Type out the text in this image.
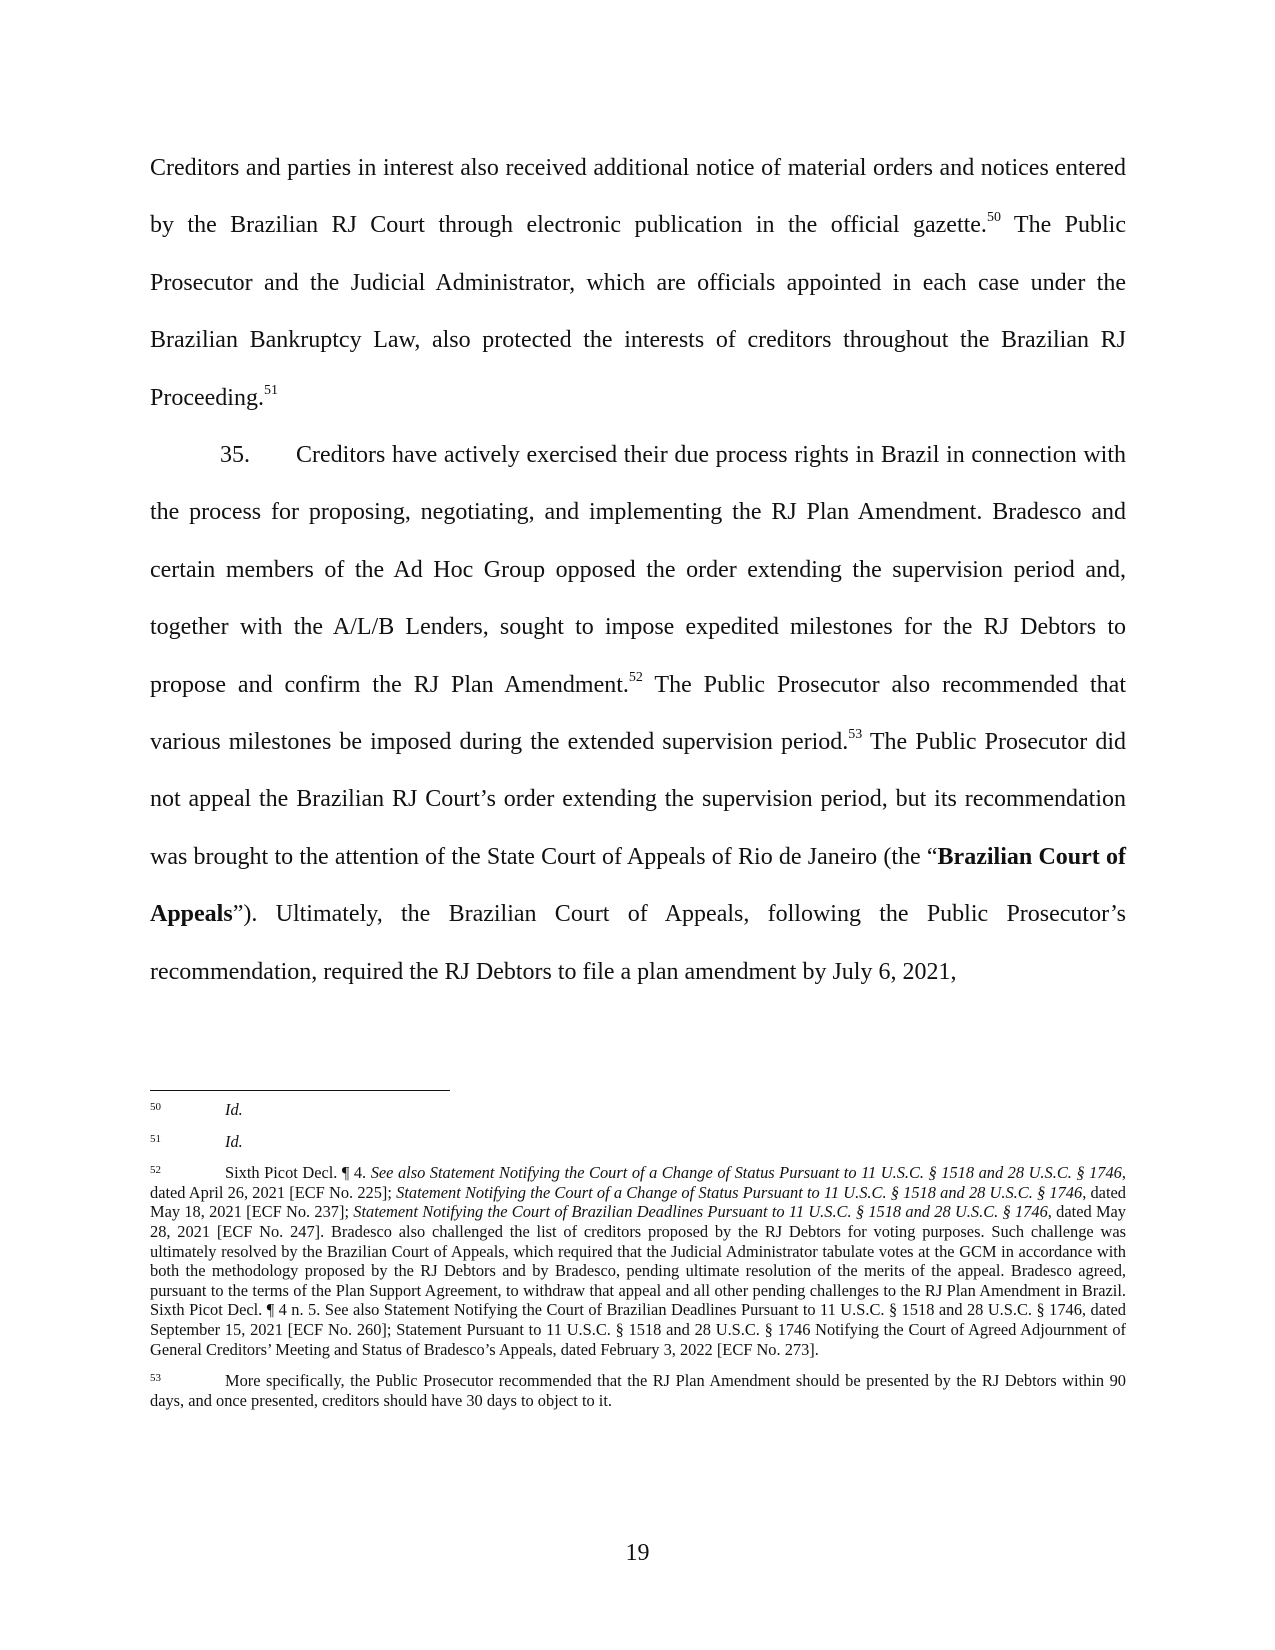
Creditors and parties in interest also received additional notice of material orders and notices entered by the Brazilian RJ Court through electronic publication in the official gazette.$^{50}$ The Public Prosecutor and the Judicial Administrator, which are officials appointed in each case under the Brazilian Bankruptcy Law, also protected the interests of creditors throughout the Brazilian RJ Proceeding.$^{51}$

35. Creditors have actively exercised their due process rights in Brazil in connection with the process for proposing, negotiating, and implementing the RJ Plan Amendment. Bradesco and certain members of the Ad Hoc Group opposed the order extending the supervision period and, together with the A/L/B Lenders, sought to impose expedited milestones for the RJ Debtors to propose and confirm the RJ Plan Amendment.$^{52}$ The Public Prosecutor also recommended that various milestones be imposed during the extended supervision period.$^{53}$ The Public Prosecutor did not appeal the Brazilian RJ Court’s order extending the supervision period, but its recommendation was brought to the attention of the State Court of Appeals of Rio de Janeiro (the “Brazilian Court of Appeals”). Ultimately, the Brazilian Court of Appeals, following the Public Prosecutor’s recommendation, required the RJ Debtors to file a plan amendment by July 6, 2021,

50	Id.

51	Id.

52	Sixth Picot Decl. ¶ 4. See also Statement Notifying the Court of a Change of Status Pursuant to 11 U.S.C. § 1518 and 28 U.S.C. § 1746, dated April 26, 2021 [ECF No. 225]; Statement Notifying the Court of a Change of Status Pursuant to 11 U.S.C. § 1518 and 28 U.S.C. § 1746, dated May 18, 2021 [ECF No. 237]; Statement Notifying the Court of Brazilian Deadlines Pursuant to 11 U.S.C. § 1518 and 28 U.S.C. § 1746, dated May 28, 2021 [ECF No. 247]. Bradesco also challenged the list of creditors proposed by the RJ Debtors for voting purposes. Such challenge was ultimately resolved by the Brazilian Court of Appeals, which required that the Judicial Administrator tabulate votes at the GCM in accordance with both the methodology proposed by the RJ Debtors and by Bradesco, pending ultimate resolution of the merits of the appeal. Bradesco agreed, pursuant to the terms of the Plan Support Agreement, to withdraw that appeal and all other pending challenges to the RJ Plan Amendment in Brazil. Sixth Picot Decl. ¶ 4 n. 5. See also Statement Notifying the Court of Brazilian Deadlines Pursuant to 11 U.S.C. § 1518 and 28 U.S.C. § 1746, dated September 15, 2021 [ECF No. 260]; Statement Pursuant to 11 U.S.C. § 1518 and 28 U.S.C. § 1746 Notifying the Court of Agreed Adjournment of General Creditors’ Meeting and Status of Bradesco’s Appeals, dated February 3, 2022 [ECF No. 273].

53	More specifically, the Public Prosecutor recommended that the RJ Plan Amendment should be presented by the RJ Debtors within 90 days, and once presented, creditors should have 30 days to object to it.

19
